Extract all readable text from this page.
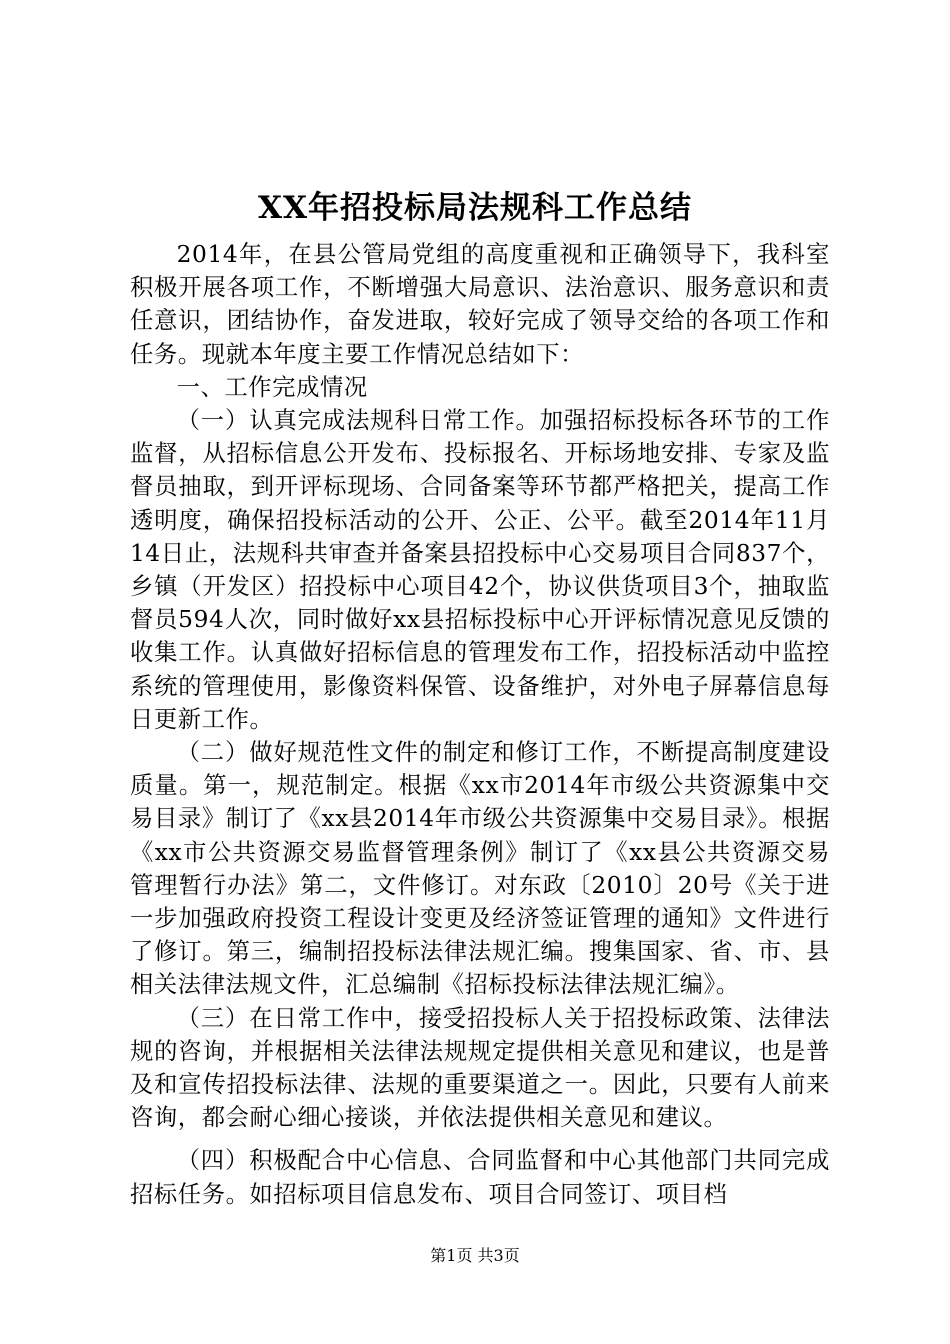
XX年招投标局法规科工作总结

2014年，在县公管局党组的高度重视和正确领导下，我科室积极开展各项工作，不断增强大局意识、法治意识、服务意识和责任意识，团结协作，奋发进取，较好完成了领导交给的各项工作和任务。现就本年度主要工作情况总结如下：

一、工作完成情况

（一）认真完成法规科日常工作。加强招标投标各环节的工作监督，从招标信息公开发布、投标报名、开标场地安排、专家及监督员抽取，到开评标现场、合同备案等环节都严格把关，提高工作透明度，确保招投标活动的公开、公正、公平。截至2014年11月14日止，法规科共审查并备案县招投标中心交易项目合同837个，乡镇（开发区）招投标中心项目42个，协议供货项目3个，抽取监督员594人次，同时做好xx县招标投标中心开评标情况意见反馈的收集工作。认真做好招标信息的管理发布工作，招投标活动中监控系统的管理使用，影像资料保管、设备维护，对外电子屏幕信息每日更新工作。

（二）做好规范性文件的制定和修订工作，不断提高制度建设质量。第一，规范制定。根据《xx市2014年市级公共资源集中交易目录》制订了《xx县2014年市级公共资源集中交易目录》。根据《xx市公共资源交易监督管理条例》制订了《xx县公共资源交易管理暂行办法》第二，文件修订。对东政〔2010〕20号《关于进一步加强政府投资工程设计变更及经济签证管理的通知》文件进行了修订。第三，编制招投标法律法规汇编。搜集国家、省、市、县相关法律法规文件，汇总编制《招标投标法律法规汇编》。

（三）在日常工作中，接受招投标人关于招投标政策、法律法规的咨询，并根据相关法律法规规定提供相关意见和建议，也是普及和宣传招投标法律、法规的重要渠道之一。因此，只要有人前来咨询，都会耐心细心接谈，并依法提供相关意见和建议。

（四）积极配合中心信息、合同监督和中心其他部门共同完成招标任务。如招标项目信息发布、项目合同签订、项目档

第1页 共3页
